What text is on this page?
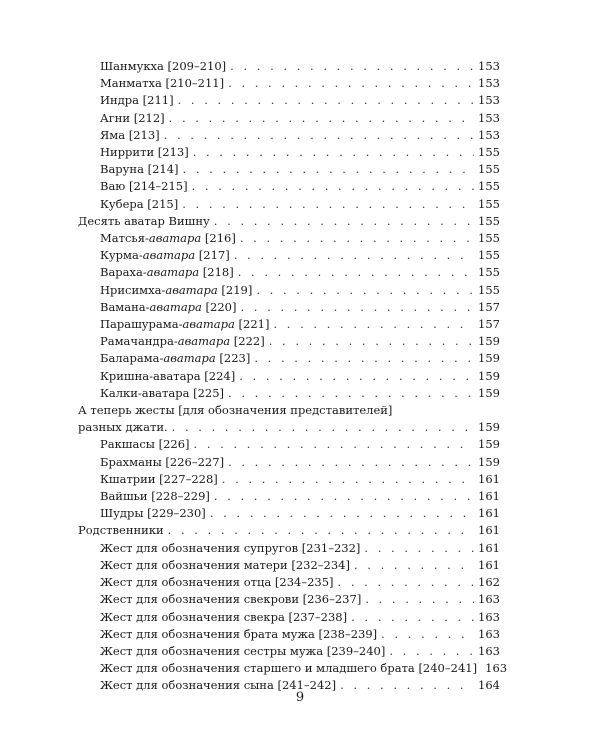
Шанмукха [209–210] . . .	153
Манматха [210–211] . . .	153
Индра [211] . . .	153
Агни [212] . . .	153
Яма [213] . . .	153
Ниррити [213] . . .	155
Варуна [214] . . .	155
Ваю [214–215] . . .	155
Кубера [215] . . .	155
Десять аватар Вишну . . .	155
Матсья-аватара [216] . . .	155
Курма-аватара [217] . . .	155
Вараха-аватара [218] . . .	155
Нрисимха-аватара [219] . . .	155
Вамана-аватара [220] . . .	157
Парашурама-аватара [221] . . .	157
Рамачандра-аватара [222] . . .	159
Баларама-аватара [223] . . .	159
Кришна-аватара [224] . . .	159
Калки-аватара [225] . . .	159
А теперь жесты [для обозначения представителей]
разных джати. . . .	159
Ракшасы [226] . . .	159
Брахманы [226–227] . . .	159
Кшатрии [227–228] . . .	161
Вайшьи [228–229] . . .	161
Шудры [229–230] . . .	161
Родственники . . .	161
Жест для обозначения супругов [231–232] . . .	161
Жест для обозначения матери [232–234] . . .	161
Жест для обозначения отца [234–235] . . .	162
Жест для обозначения свекрови [236–237] . . .	163
Жест для обозначения свекра [237–238] . . .	163
Жест для обозначения брата мужа [238–239] . . .	163
Жест для обозначения сестры мужа [239–240] . . .	163
Жест для обозначения старшего и младшего брата [240–241] 163
Жест для обозначения сына [241–242] . . .	164
9
